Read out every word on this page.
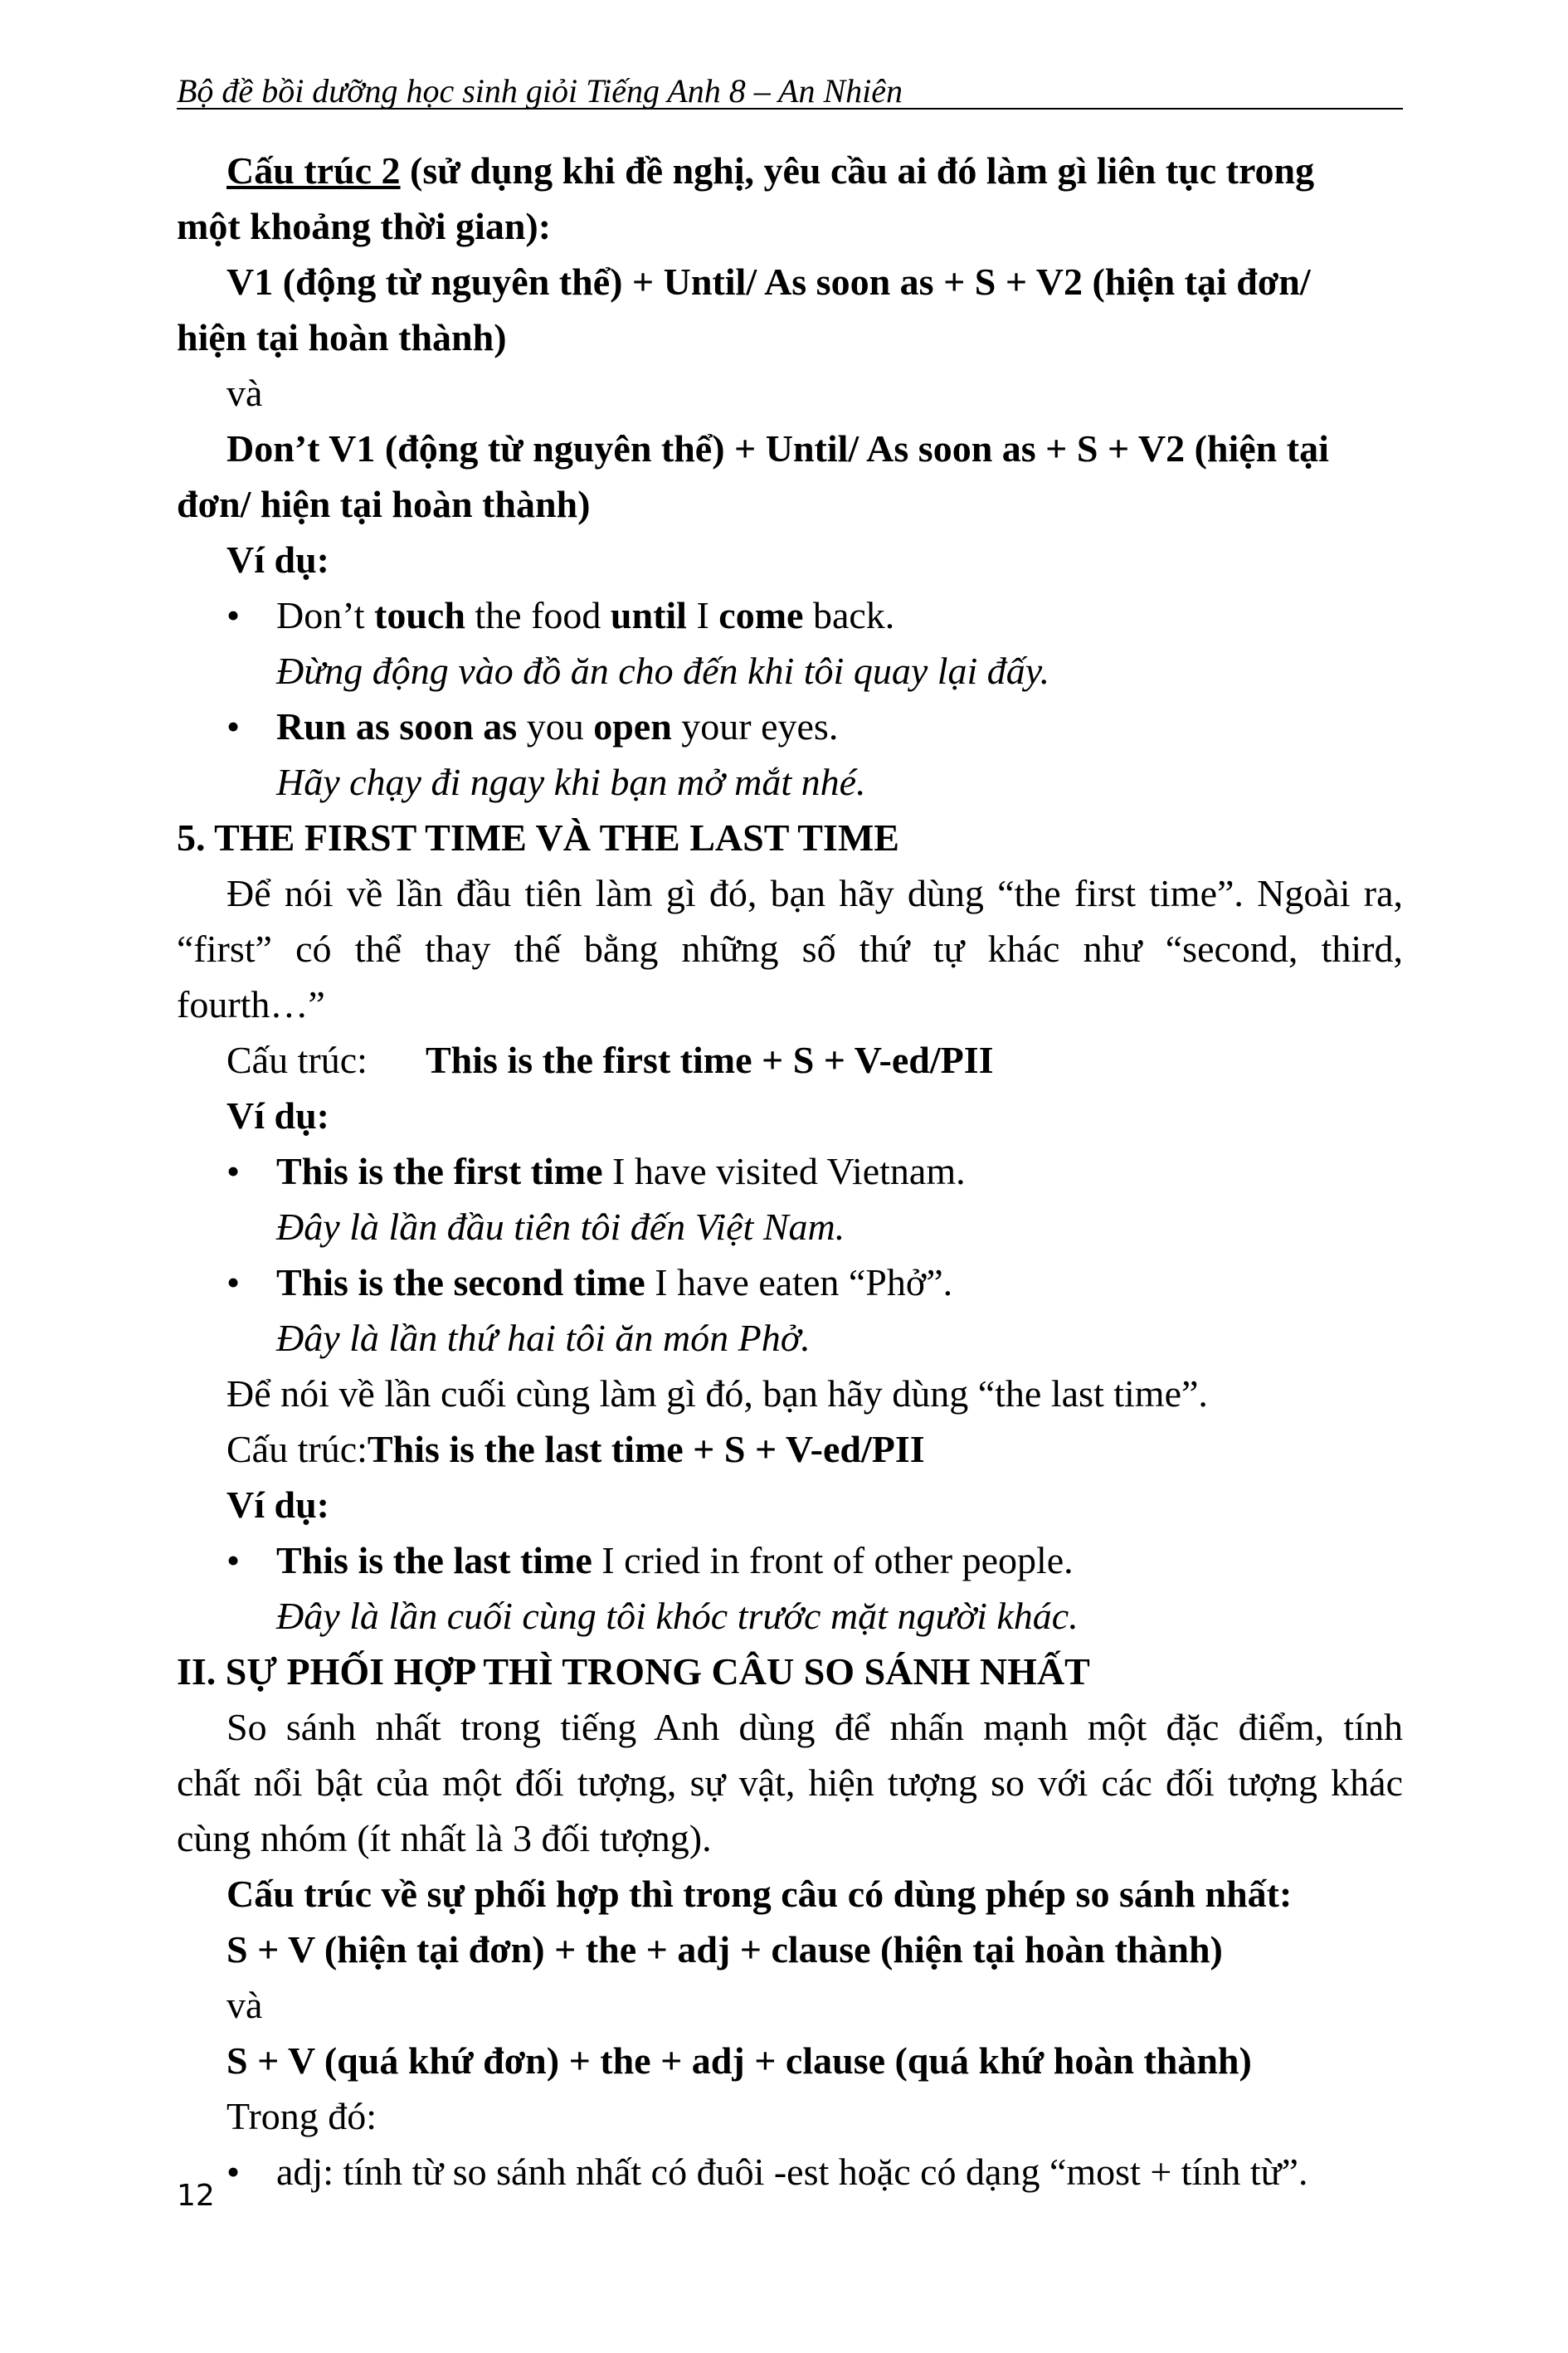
Bộ đề bồi dưỡng học sinh giỏi Tiếng Anh 8 – An Nhiên
Cấu trúc 2 (sử dụng khi đề nghị, yêu cầu ai đó làm gì liên tục trong
một khoảng thời gian):
V1 (động từ nguyên thể) + Until/ As soon as + S + V2 (hiện tại đơn/
hiện tại hoàn thành)
và
Don’t V1 (động từ nguyên thể) + Until/ As soon as + S + V2 (hiện tại
đơn/ hiện tại hoàn thành)
Ví dụ:
• Don’t touch the food until I come back.
Đừng động vào đồ ăn cho đến khi tôi quay lại đấy.
• Run as soon as you open your eyes.
Hãy chạy đi ngay khi bạn mở mắt nhé.
5. THE FIRST TIME VÀ THE LAST TIME
Để nói về lần đầu tiên làm gì đó, bạn hãy dùng “the first time”. Ngoài ra,
“first” có thể thay thế bằng những số thứ tự khác như “second, third,
fourth…”
Cấu trúc: This is the first time + S + V-ed/PII
Ví dụ:
• This is the first time I have visited Vietnam.
Đây là lần đầu tiên tôi đến Việt Nam.
• This is the second time I have eaten “Phở”.
Đây là lần thứ hai tôi ăn món Phở.
Để nói về lần cuối cùng làm gì đó, bạn hãy dùng “the last time”.
Cấu trúc:This is the last time + S + V-ed/PII
Ví dụ:
• This is the last time I cried in front of other people.
Đây là lần cuối cùng tôi khóc trước mặt người khác.
II. SỰ PHỐI HỢP THÌ TRONG CÂU SO SÁNH NHẤT
So sánh nhất trong tiếng Anh dùng để nhấn mạnh một đặc điểm, tính
chất nổi bật của một đối tượng, sự vật, hiện tượng so với các đối tượng khác
cùng nhóm (ít nhất là 3 đối tượng).
Cấu trúc về sự phối hợp thì trong câu có dùng phép so sánh nhất:
S + V (hiện tại đơn) + the + adj + clause (hiện tại hoàn thành)
và
S + V (quá khứ đơn) + the + adj + clause (quá khứ hoàn thành)
Trong đó:
• adj: tính từ so sánh nhất có đuôi -est hoặc có dạng “most + tính từ”.
12
